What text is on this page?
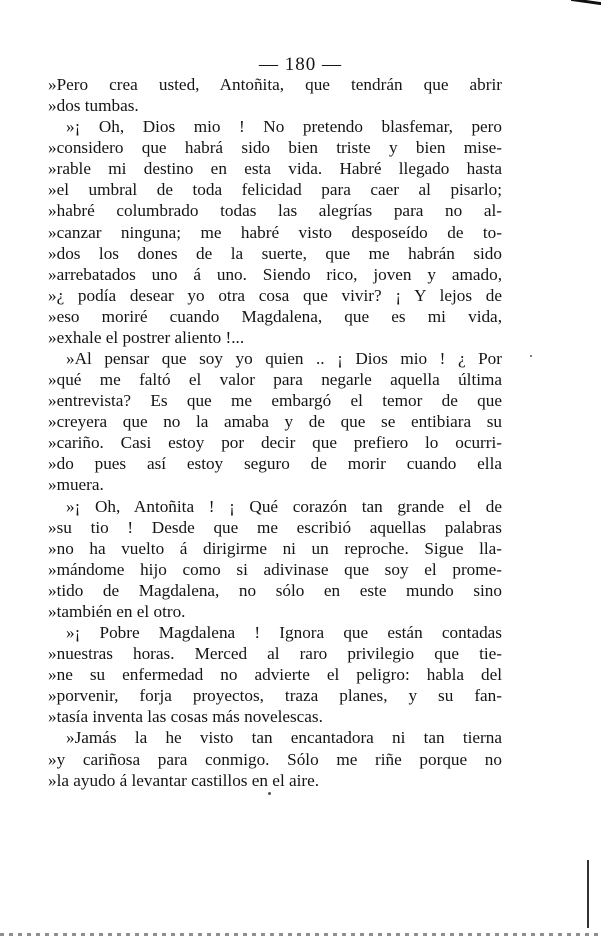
— 180 —
»Pero crea usted, Antoñita, que tendrán que abrir
»dos tumbas.
»¡ Oh, Dios mio ! No pretendo blasfemar, pero
»considero que habrá sido bien triste y bien mise-
»rable mi destino en esta vida. Habré llegado hasta
»el umbral de toda felicidad para caer al pisarlo;
»habré columbrado todas las alegrías para no al-
»canzar ninguna; me habré visto desposeído de to-
»dos los dones de la suerte, que me habrán sido
»arrebatados uno á uno. Siendo rico, joven y amado,
»¿ podía desear yo otra cosa que vivir? ¡ Y lejos de
»eso moriré cuando Magdalena, que es mi vida,
»exhale el postrer aliento !...
»Al pensar que soy yo quien .. ¡ Dios mio ! ¿ Por
»qué me faltó el valor para negarle aquella última
»entrevista? Es que me embargó el temor de que
»creyera que no la amaba y de que se entibiara su
»cariño. Casi estoy por decir que prefiero lo ocurri-
»do pues así estoy seguro de morir cuando ella
»muera.
»¡ Oh, Antoñita ! ¡ Qué corazón tan grande el de
»su tio ! Desde que me escribió aquellas palabras
»no ha vuelto á dirigirme ni un reproche. Sigue lla-
»mándome hijo como si adivinase que soy el prome-
»tido de Magdalena, no sólo en este mundo sino
»también en el otro.
»¡ Pobre Magdalena ! Ignora que están contadas
»nuestras horas. Merced al raro privilegio que tie-
»ne su enfermedad no advierte el peligro: habla del
»porvenir, forja proyectos, traza planes, y su fan-
»tasía inventa las cosas más novelescas.
»Jamás la he visto tan encantadora ni tan tierna
»y cariñosa para conmigo. Sólo me riñe porque no
»la ayudo á levantar castillos en el aire.
